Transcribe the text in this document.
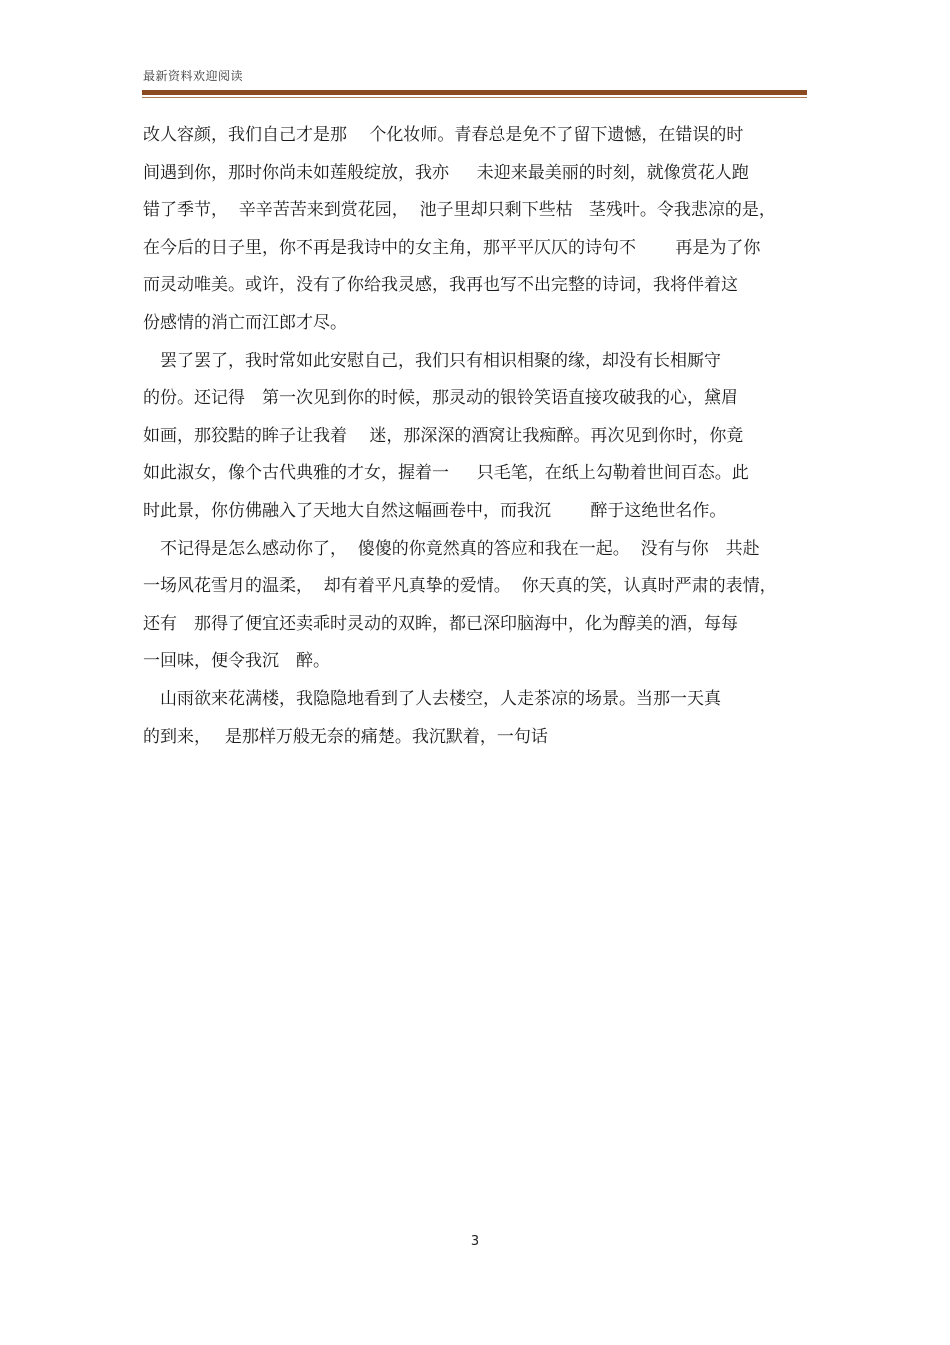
最新资料欢迎阅读
改人容颜，我们自己才是那　 个化妆师。青春总是免不了留下遗憾，在错误的时
间遇到你，那时你尚未如莲般绽放，我亦　  未迎来最美丽的时刻，就像赏花人跑
错了季节，  辛辛苦苦来到赏花园，  池子里却只剩下些枯   茎残叶。令我悲凉的是，
在今后的日子里，你不再是我诗中的女主角，那平平仄仄的诗句不　　 再是为了你
而灵动唯美。或许，没有了你给我灵感，我再也写不出完整的诗词，我将伴着这
份感情的消亡而江郎才尽。
　罢了罢了，我时常如此安慰自己，我们只有相识相聚的缘，却没有长相厮守
的份。还记得　第一次见到你的时候，那灵动的银铃笑语直接攻破我的心，黛眉
如画，那狡黠的眸子让我着　 迷，那深深的酒窝让我痴醉。再次见到你时，你竟
如此淑女，像个古代典雅的才女，握着一　  只毛笔，在纸上勾勒着世间百态。此
时此景，你仿佛融入了天地大自然这幅画卷中，而我沉　 　醉于这绝世名作。
　不记得是怎么感动你了，  傻傻的你竟然真的答应和我在一起。  没有与你　共赴
一场风花雪月的温柔，  却有着平凡真挚的爱情。  你天真的笑，认真时严肃的表情，
还有　那得了便宜还卖乖时灵动的双眸，都已深印脑海中，化为醇美的酒，每每
一回味，便令我沉　醉。
　山雨欲来花满楼，我隐隐地看到了人去楼空，人走茶凉的场景。当那一天真
的到来，　 是那样万般无奈的痛楚。我沉默着，一句话
3
